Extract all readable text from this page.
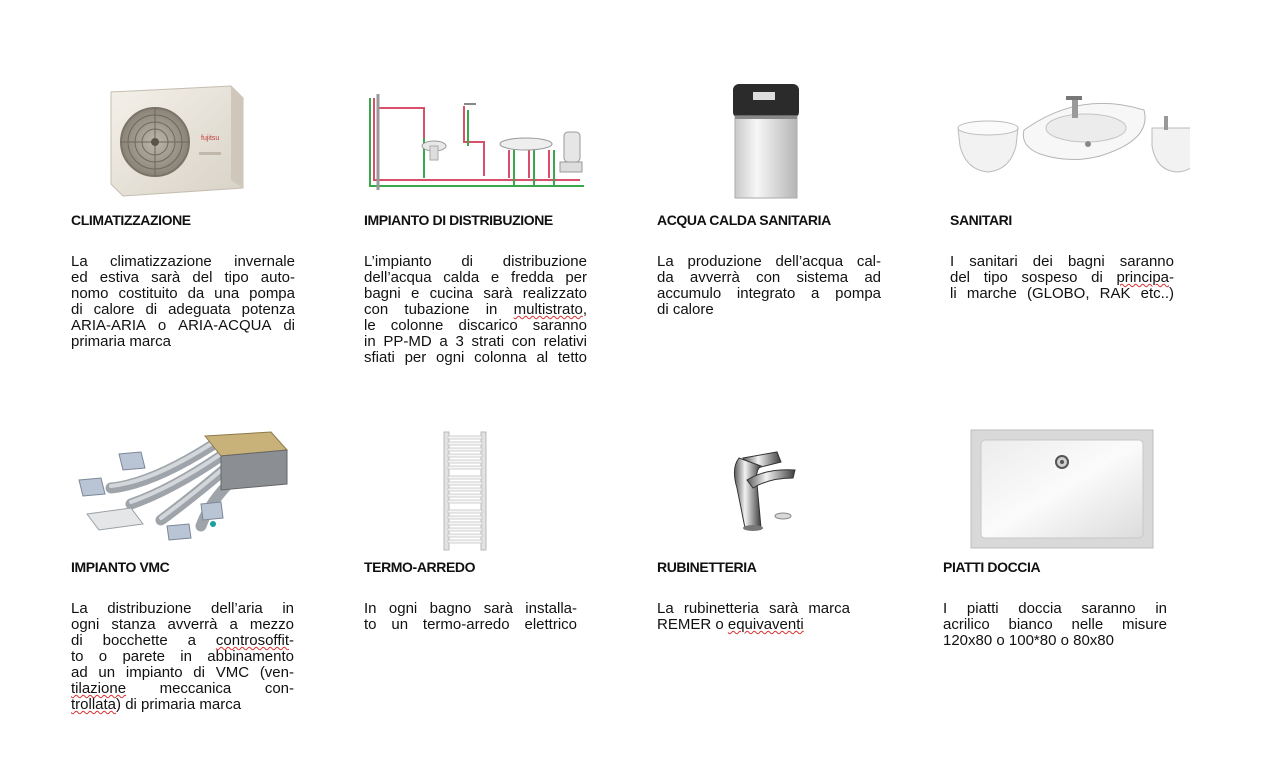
fujitsu
CLIMATIZZAZIONE
La climatizzazione invernale
ed estiva sarà del tipo auto-
nomo costituito da una pompa
di calore di adeguata potenza
ARIA-ARIA o ARIA-ACQUA di
primaria marca
IMPIANTO DI DISTRIBUZIONE
L’impianto di distribuzione
dell’acqua calda e fredda per
bagni e cucina sarà realizzato
con tubazione in multistrato,
le colonne discarico saranno
in PP-MD a 3 strati con relativi
sfiati per ogni colonna al tetto
ACQUA CALDA SANITARIA
La produzione dell’acqua cal-
da avverrà con sistema ad
accumulo integrato a pompa
di calore
SANITARI
I sanitari dei bagni saranno
del tipo sospeso di principa-
li marche (GLOBO, RAK etc..)
IMPIANTO VMC
La distribuzione dell’aria in
ogni stanza avverrà a mezzo
di bocchette a controsoffit-
to o parete in abbinamento
ad un impianto di VMC (ven-
tilazione meccanica con-
trollata) di primaria marca
TERMO-ARREDO
In ogni bagno sarà installa-
to un termo-arredo elettrico
RUBINETTERIA
La rubinetteria sarà marca
REMER o equivaventi
PIATTI DOCCIA
I piatti doccia saranno in
acrilico bianco nelle misure
120x80 o 100*80 o 80x80
